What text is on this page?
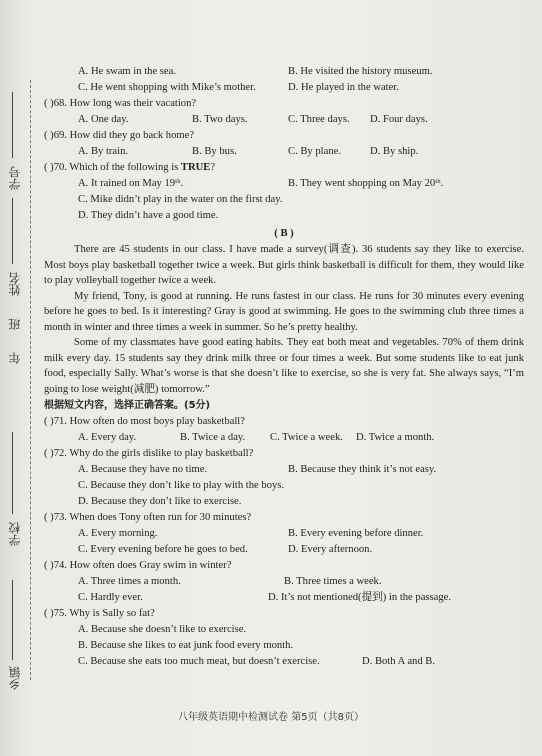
学号
姓名
班
年
学校
乡镇
A. He swam in the sea.	B. He visited the history museum.
C. He went shopping with Mike’s mother.	D. He played in the water.
( )68. How long was their vacation?
A. One day.	B. Two days.	C. Three days. D. Four days.
( )69. How did they go back home?
A. By train.	B. By bus.	C. By plane.	D. By ship.
( )70. Which of the following is TRUE?
A. It rained on May 19ᵗʰ.	B. They went shopping on May 20ᵗʰ.
C. Mike didn’t play in the water on the first day.
D. They didn’t have a good time.
( B )

There are 45 students in our class. I have made a survey(调查). 36 students say they like to exercise. Most boys play basketball together twice a week. But girls think basketball is difficult for them, they would like to play volleyball together twice a week.

My friend, Tony, is good at running. He runs fastest in our class. He runs for 30 minutes every evening before he goes to bed. Is it interesting? Gray is good at swimming. He goes to the swimming club three times a month in winter and three times a week in summer. So he’s pretty healthy.

Some of my classmates have good eating habits. They eat both meat and vegetables. 70% of them drink milk every day. 15 students say they drink milk three or four times a week. But some students like to eat junk food, especially Sally. What’s worse is that she doesn’t like to exercise, so she is very fat. She always says, “I’m going to lose weight(减肥) tomorrow.”

根据短文内容，选择正确答案。(5分)
( )71. How often do most boys play basketball?
A. Every day.	B. Twice a day. C. Twice a week. D. Twice a month.
( )72. Why do the girls dislike to play basketball?
A. Because they have no time.	B. Because they think it’s not easy.
C. Because they don’t like to play with the boys.
D. Because they don’t like to exercise.
( )73. When does Tony often run for 30 minutes?
A. Every morning.	B. Every evening before dinner.
C. Every evening before he goes to bed.	D. Every afternoon.
( )74. How often does Gray swim in winter?
A. Three times a month.	B. Three times a week.
C. Hardly ever.	D. It’s not mentioned(提到) in the passage.
( )75. Why is Sally so fat?
A. Because she doesn’t like to exercise.
B. Because she likes to eat junk food every month.
C. Because she eats too much meat, but doesn’t exercise.	D. Both A and B.
八年级英语期中检测试卷 第5页（共8页）
